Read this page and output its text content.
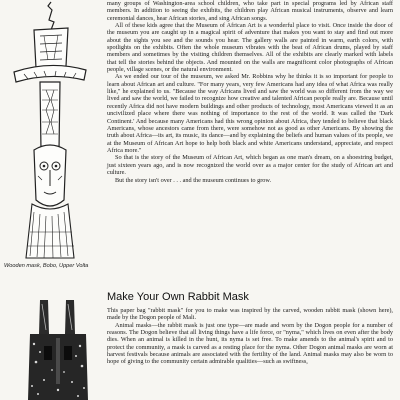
Wooden mask, Bobo, Upper Volta

many groups of Washington-area school children, who take part in special programs led by African staff members. In addition to seeing the exhibits, the children play African musical instruments, observe and learn ceremonial dances, hear African stories, and sing African songs.

All of these kids agree that the Museum of African Art is a wonderful place to visit. Once inside the door of the museum you are caught up in a magical spirit of adventure that makes you want to stay and find out more about the sights you see and the sounds you hear. The gallery walls are painted in warm, earth colors, with spotlights on the exhibits. Often the whole museum vibrates with the beat of African drums, played by staff members and sometimes by the visiting children themselves. All of the exhibits are clearly marked with labels that tell the stories behind the objects. And mounted on the walls are magnificent color photographs of African people, village scenes, or the natural environment.

As we ended our tour of the museum, we asked Mr. Robbins why he thinks it is so important for people to learn about African art and culture. "For many years, very few Americans had any idea of what Africa was really like," he explained to us. "Because the way Africans lived and saw the world was so different from the way we lived and saw the world, we failed to recognize how creative and talented African people really are. Because until recently Africa did not have modern buildings and other products of technology, most Americans viewed it as an uncivilized place where there was nothing of importance to the rest of the world. It was called the 'Dark Continent.' And because many Americans had this wrong opinion about Africa, they tended to believe that black Americans, whose ancestors came from there, were somehow not as good as other Americans. By showing the truth about Africa—its art, its music, its dance—and by explaining the beliefs and human values of its people, we at the Museum of African Art hope to help both black and white Americans understand, appreciate, and respect Africa more."

So that is the story of the Museum of African Art, which began as one man's dream, on a shoestring budget, just sixteen years ago, and is now recognized the world over as a major center for the study of African art and culture.

But the story isn't over . . . and the museum continues to grow.

Make Your Own Rabbit Mask

This paper bag "rabbit mask" for you to make was inspired by the carved, wooden rabbit mask (shown here), made by the Dogon people of Mali.

Animal masks—the rabbit mask is just one type—are made and worn by the Dogon people for a number of reasons. The Dogon believe that all living things have a life force, or "nyma," which lives on even after the body dies. When an animal is killed in the hunt, its nyma is set free. To make amends to the animal's spirit and to protect the community, a mask is carved as a resting place for the nyma. Other Dogon animal masks are worn at harvest festivals because animals are associated with the fertility of the land. Animal masks may also be worn to hope of giving to the community certain admirable qualities—such as swiftness,
